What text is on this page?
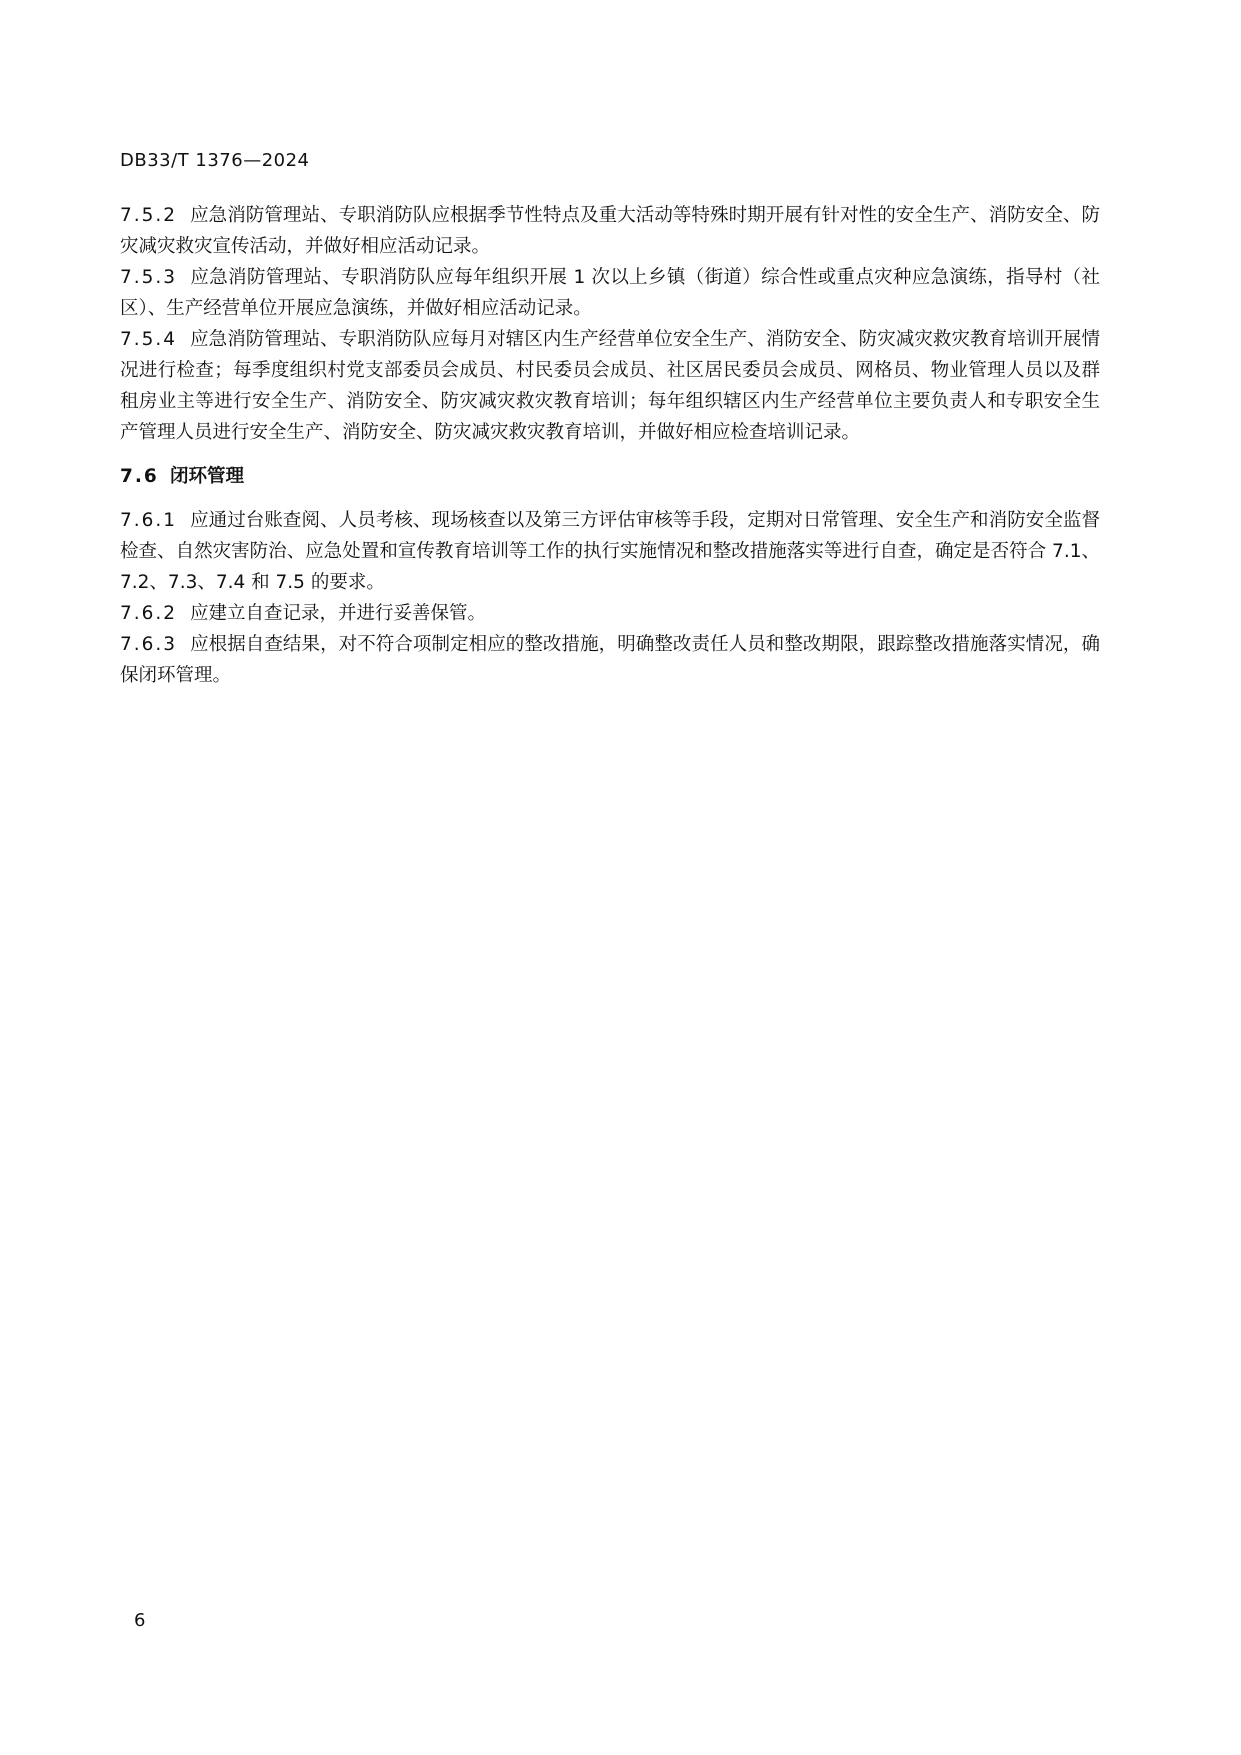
DB33/T 1376—2024

7.5.2 应急消防管理站、专职消防队应根据季节性特点及重大活动等特殊时期开展有针对性的安全生产、消防安全、防灾减灾救灾宣传活动，并做好相应活动记录。

7.5.3 应急消防管理站、专职消防队应每年组织开展 1 次以上乡镇（街道）综合性或重点灾种应急演练，指导村（社区）、生产经营单位开展应急演练，并做好相应活动记录。

7.5.4 应急消防管理站、专职消防队应每月对辖区内生产经营单位安全生产、消防安全、防灾减灾救灾教育培训开展情况进行检查；每季度组织村党支部委员会成员、村民委员会成员、社区居民委员会成员、网格员、物业管理人员以及群租房业主等进行安全生产、消防安全、防灾减灾救灾教育培训；每年组织辖区内生产经营单位主要负责人和专职安全生产管理人员进行安全生产、消防安全、防灾减灾救灾教育培训，并做好相应检查培训记录。

7.6 闭环管理

7.6.1 应通过台账查阅、人员考核、现场核查以及第三方评估审核等手段，定期对日常管理、安全生产和消防安全监督检查、自然灾害防治、应急处置和宣传教育培训等工作的执行实施情况和整改措施落实等进行自查，确定是否符合 7.1、7.2、7.3、7.4 和 7.5 的要求。

7.6.2 应建立自查记录，并进行妥善保管。

7.6.3 应根据自查结果，对不符合项制定相应的整改措施，明确整改责任人员和整改期限，跟踪整改措施落实情况，确保闭环管理。

6
